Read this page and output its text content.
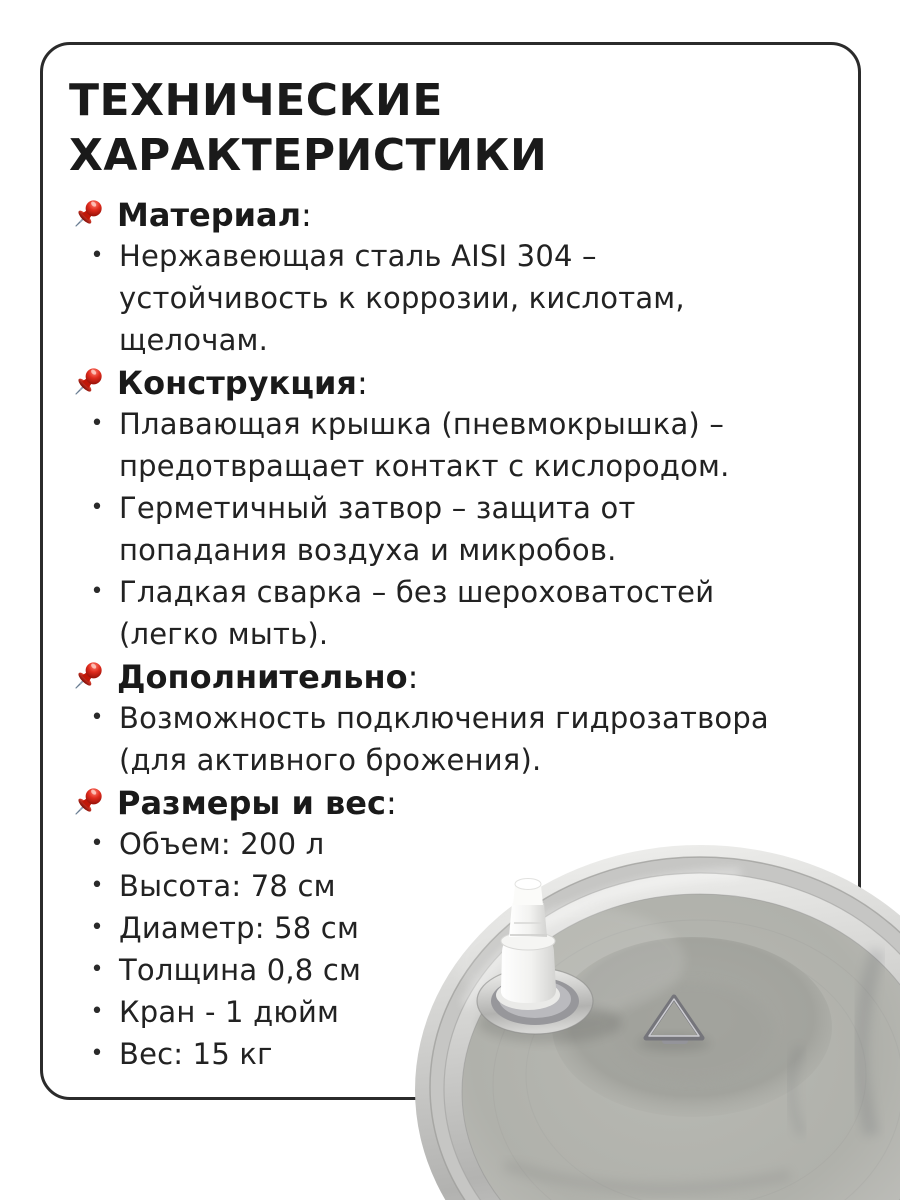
ТЕХНИЧЕСКИЕ
ХАРАКТЕРИСТИКИ
Материал:
• Нержавеющая сталь AISI 304 –
устойчивость к коррозии, кислотам,
щелочам.
Конструкция:
• Плавающая крышка (пневмокрышка) –
предотвращает контакт с кислородом.
• Герметичный затвор – защита от
попадания воздуха и микробов.
• Гладкая сварка – без шероховатостей
(легко мыть).
Дополнительно:
• Возможность подключения гидрозатвора
(для активного брожения).
Размеры и вес:
• Объем: 200 л
• Высота: 78 см
• Диаметр: 58 см
• Толщина 0,8 см
• Кран - 1 дюйм
• Вес: 15 кг
